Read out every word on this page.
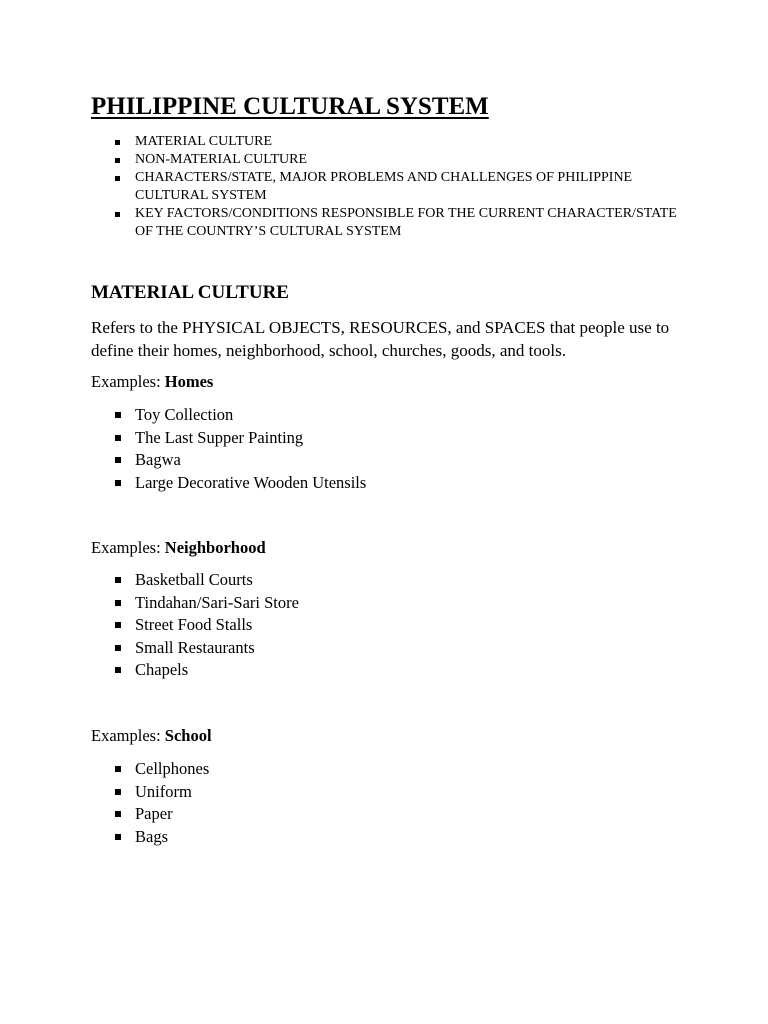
PHILIPPINE CULTURAL SYSTEM
MATERIAL CULTURE
NON-MATERIAL CULTURE
CHARACTERS/STATE, MAJOR PROBLEMS AND CHALLENGES OF PHILIPPINE CULTURAL SYSTEM
KEY FACTORS/CONDITIONS RESPONSIBLE FOR THE CURRENT CHARACTER/STATE OF THE COUNTRY’S CULTURAL SYSTEM
MATERIAL CULTURE

Refers to the PHYSICAL OBJECTS, RESOURCES, and SPACES that people use to define their homes, neighborhood, school, churches, goods, and tools.

Examples: Homes

Toy Collection
The Last Supper Painting
Bagwa
Large Decorative Wooden Utensils

Examples: Neighborhood

Basketball Courts
Tindahan/Sari-Sari Store
Street Food Stalls
Small Restaurants
Chapels

Examples: School

Cellphones
Uniform
Paper
Bags
